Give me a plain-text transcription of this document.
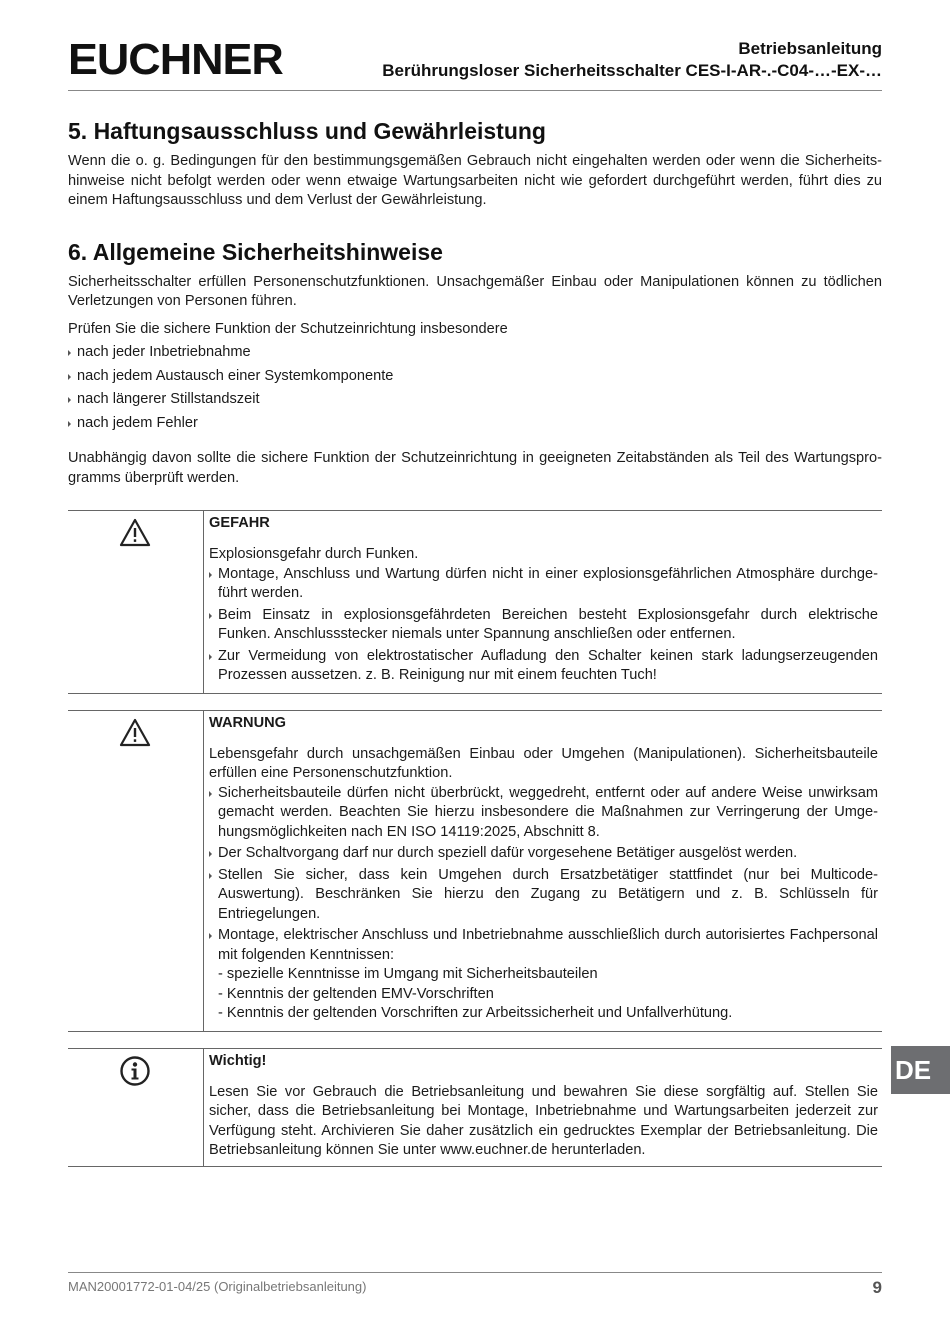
EUCHNER	Betriebsanleitung
Berührungsloser Sicherheitsschalter CES-I-AR-.-C04-…-EX-…
5. Haftungsausschluss und Gewährleistung

Wenn die o. g. Bedingungen für den bestimmungsgemäßen Gebrauch nicht eingehalten werden oder wenn die Sicherheitshinweise nicht befolgt werden oder wenn etwaige Wartungsarbeiten nicht wie gefordert durchgeführt werden, führt dies zu einem Haftungsausschluss und dem Verlust der Gewährleistung.

6. Allgemeine Sicherheitshinweise

Sicherheitsschalter erfüllen Personenschutzfunktionen. Unsachgemäßer Einbau oder Manipulationen können zu tödlichen Verletzungen von Personen führen.

Prüfen Sie die sichere Funktion der Schutzeinrichtung insbesondere

nach jeder Inbetriebnahme
nach jedem Austausch einer Systemkomponente
nach längerer Stillstandszeit
nach jedem Fehler

Unabhängig davon sollte die sichere Funktion der Schutzeinrichtung in geeigneten Zeitabständen als Teil des Wartungsprogramms überprüft werden.

GEFAHR

Explosionsgefahr durch Funken.

Montage, Anschluss und Wartung dürfen nicht in einer explosionsgefährlichen Atmosphäre durchgeführt werden.
Beim Einsatz in explosionsgefährdeten Bereichen besteht Explosionsgefahr durch elektrische Funken. Anschlussstecker niemals unter Spannung anschließen oder entfernen.
Zur Vermeidung von elektrostatischer Aufladung den Schalter keinen stark ladungserzeugenden Prozessen aussetzen. z. B. Reinigung nur mit einem feuchten Tuch!
WARNUNG

Lebensgefahr durch unsachgemäßen Einbau oder Umgehen (Manipulationen). Sicherheitsbauteile erfüllen eine Personenschutzfunktion.

Sicherheitsbauteile dürfen nicht überbrückt, weggedreht, entfernt oder auf andere Weise unwirksam gemacht werden. Beachten Sie hierzu insbesondere die Maßnahmen zur Verringerung der Umgehungsmöglichkeiten nach EN ISO 14119:2025, Abschnitt 8.
Der Schaltvorgang darf nur durch speziell dafür vorgesehene Betätiger ausgelöst werden.
Stellen Sie sicher, dass kein Umgehen durch Ersatzbetätiger stattfindet (nur bei Multicode-Auswertung). Beschränken Sie hierzu den Zugang zu Betätigern und z. B. Schlüsseln für Entriegelungen.
Montage, elektrischer Anschluss und Inbetriebnahme ausschließlich durch autorisiertes Fachpersonal mit folgenden Kenntnissen:
- spezielle Kenntnisse im Umgang mit Sicherheitsbauteilen
- Kenntnis der geltenden EMV-Vorschriften
- Kenntnis der geltenden Vorschriften zur Arbeitssicherheit und Unfallverhütung.
Wichtig!

Lesen Sie vor Gebrauch die Betriebsanleitung und bewahren Sie diese sorgfältig auf. Stellen Sie sicher, dass die Betriebsanleitung bei Montage, Inbetriebnahme und Wartungsarbeiten jederzeit zur Verfügung steht. Archivieren Sie daher zusätzlich ein gedrucktes Exemplar der Betriebsanleitung. Die Betriebsanleitung können Sie unter www.euchner.de herunterladen.

DE
MAN20001772-01-04/25 (Originalbetriebsanleitung)	9
